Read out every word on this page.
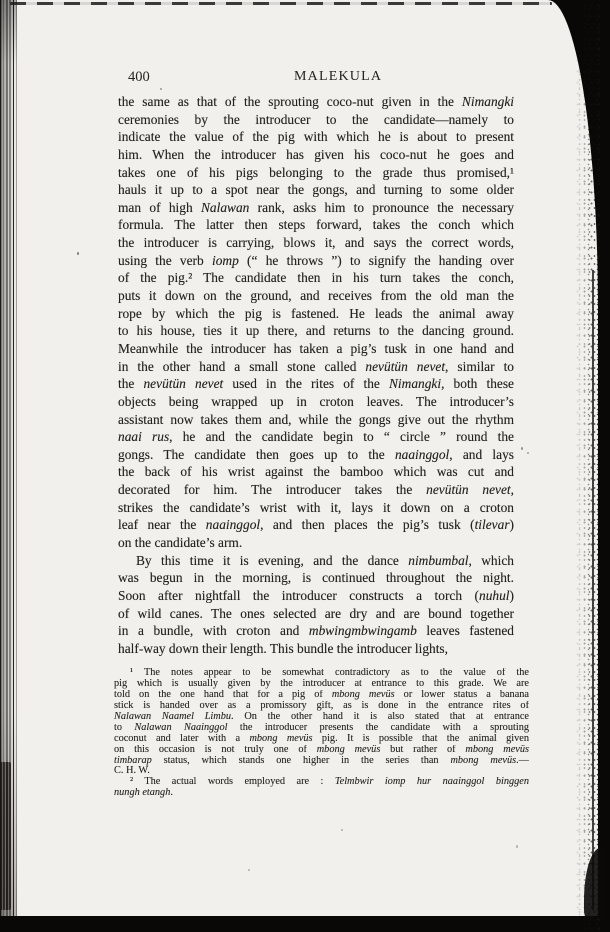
400	MALEKULA
the same as that of the sprouting coco-nut given in the Nimangki
ceremonies by the introducer to the candidate—namely to
indicate the value of the pig with which he is about to present
him. When the introducer has given his coco-nut he goes and
takes one of his pigs belonging to the grade thus promised,¹
hauls it up to a spot near the gongs, and turning to some older
man of high Nalawan rank, asks him to pronounce the necessary
formula. The latter then steps forward, takes the conch which
the introducer is carrying, blows it, and says the correct words,
using the verb iomp (“ he throws ”) to signify the handing over
of the pig.² The candidate then in his turn takes the conch,
puts it down on the ground, and receives from the old man the
rope by which the pig is fastened. He leads the animal away
to his house, ties it up there, and returns to the dancing ground.
Meanwhile the introducer has taken a pig’s tusk in one hand and
in the other hand a small stone called nevütün nevet, similar to
the nevütün nevet used in the rites of the Nimangki, both these
objects being wrapped up in croton leaves. The introducer’s
assistant now takes them and, while the gongs give out the rhythm
naai rus, he and the candidate begin to “ circle ” round the
gongs. The candidate then goes up to the naainggol, and lays
the back of his wrist against the bamboo which was cut and
decorated for him. The introducer takes the nevütün nevet,
strikes the candidate’s wrist with it, lays it down on a croton
leaf near the naainggol, and then places the pig’s tusk (tilevar)
on the candidate’s arm.
By this time it is evening, and the dance nimbumbal, which
was begun in the morning, is continued throughout the night.
Soon after nightfall the introducer constructs a torch (nuhul)
of wild canes. The ones selected are dry and are bound together
in a bundle, with croton and mbwingmbwingamb leaves fastened
half-way down their length. This bundle the introducer lights,
¹ The notes appear to be somewhat contradictory as to the value of the
pig which is usually given by the introducer at entrance to this grade. We are
told on the one hand that for a pig of mbong mevüs or lower status a banana
stick is handed over as a promissory gift, as is done in the entrance rites of
Nalawan Naamel Limbu. On the other hand it is also stated that at entrance
to Nalawan Naainggol the introducer presents the candidate with a sprouting
coconut and later with a mbong mevüs pig. It is possible that the animal given
on this occasion is not truly one of mbong mevüs but rather of mbong mevüs
timbarap status, which stands one higher in the series than mbong mevüs.—
C. H. W.
² The actual words employed are : Telmbwir iomp hur naainggol binggen
nungh etangh.
